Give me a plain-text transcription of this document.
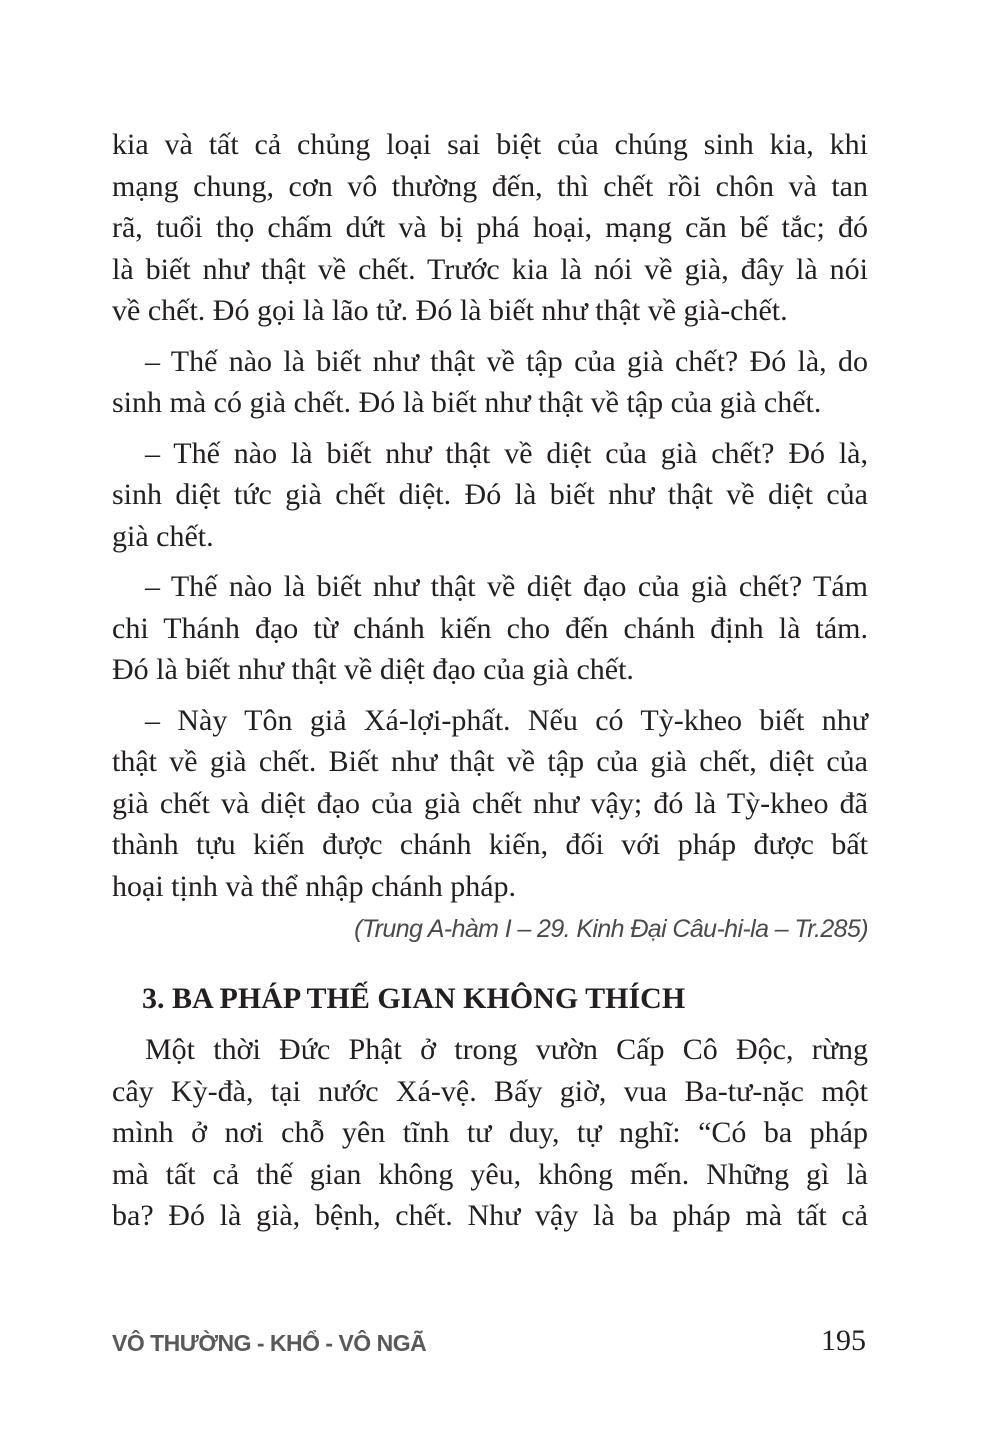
kia và tất cả chủng loại sai biệt của chúng sinh kia, khi
mạng chung, cơn vô thường đến, thì chết rồi chôn và tan
rã, tuổi thọ chấm dứt và bị phá hoại, mạng căn bế tắc; đó
là biết như thật về chết. Trước kia là nói về già, đây là nói
về chết. Đó gọi là lão tử. Đó là biết như thật về già-chết.

– Thế nào là biết như thật về tập của già chết? Đó là, do
sinh mà có già chết. Đó là biết như thật về tập của già chết.

– Thế nào là biết như thật về diệt của già chết? Đó là,
sinh diệt tức già chết diệt. Đó là biết như thật về diệt của
già chết.

– Thế nào là biết như thật về diệt đạo của già chết? Tám
chi Thánh đạo từ chánh kiến cho đến chánh định là tám.
Đó là biết như thật về diệt đạo của già chết.

– Này Tôn giả Xá-lợi-phất. Nếu có Tỳ-kheo biết như
thật về già chết. Biết như thật về tập của già chết, diệt của
già chết và diệt đạo của già chết như vậy; đó là Tỳ-kheo đã
thành tựu kiến được chánh kiến, đối với pháp được bất
hoại tịnh và thể nhập chánh pháp.

(Trung A-hàm I – 29. Kinh Đại Câu-hi-la – Tr.285)

3. BA PHÁP THẾ GIAN KHÔNG THÍCH

Một thời Đức Phật ở trong vườn Cấp Cô Độc, rừng
cây Kỳ-đà, tại nước Xá-vệ. Bấy giờ, vua Ba-tư-nặc một
mình ở nơi chỗ yên tĩnh tư duy, tự nghĩ: “Có ba pháp
mà tất cả thế gian không yêu, không mến. Những gì là
ba? Đó là già, bệnh, chết. Như vậy là ba pháp mà tất cả

VÔ THƯỜNG - KHỔ - VÔ NGÃ	195
